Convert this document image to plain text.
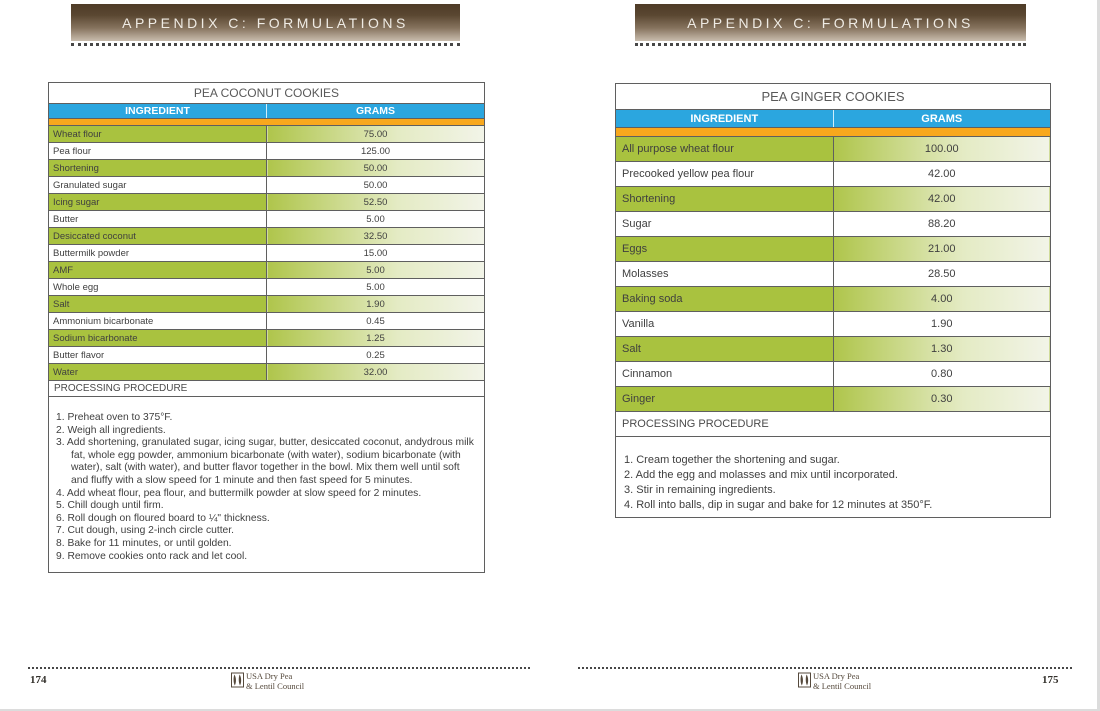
APPENDIX C: FORMULATIONS	APPENDIX C: FORMULATIONS
PEA COCONUT COOKIES	
INGREDIENT	GRAMS

Wheat flour	75.00
Pea flour	125.00
Shortening	50.00
Granulated sugar	50.00
Icing sugar	52.50
Butter	5.00
Desiccated coconut	32.50
Buttermilk powder	15.00
AMF	5.00
Whole egg	5.00
Salt	1.90
Ammonium bicarbonate	0.45
Sodium bicarbonate	1.25
Butter flavor	0.25
Water	32.00
PROCESSING PROCEDURE	

1. Preheat oven to 375°F.

2. Weigh all ingredients.

3. Add shortening, granulated sugar, icing sugar, butter, desiccated coconut, andydrous milk fat, whole egg powder, ammonium bicarbonate (with water), sodium bicarbonate (with water), salt (with water), and butter flavor together in the bowl. Mix them well until soft and fluffy with a slow speed for 1 minute and then fast speed for 5 minutes.

4. Add wheat flour, pea flour, and buttermilk powder at slow speed for 2 minutes.

5. Chill dough until firm.

6. Roll dough on floured board to ¼" thickness.

7. Cut dough, using 2-inch circle cutter.

8. Bake for 11 minutes, or until golden.

9. Remove cookies onto rack and let cool.

PEA GINGER COOKIES	
INGREDIENT	GRAMS

All purpose wheat flour	100.00
Precooked yellow pea flour	42.00
Shortening	42.00
Sugar	88.20
Eggs	21.00
Molasses	28.50
Baking soda	4.00
Vanilla	1.90
Salt	1.30
Cinnamon	0.80
Ginger	0.30
PROCESSING PROCEDURE	

1. Cream together the shortening and sugar.

2. Add the egg and molasses and mix until incorporated.

3. Stir in remaining ingredients.

4. Roll into balls, dip in sugar and bake for 12 minutes at 350°F.	

174	175
USA Dry Pea
& Lentil Council
USA Dry Pea
& Lentil Council
